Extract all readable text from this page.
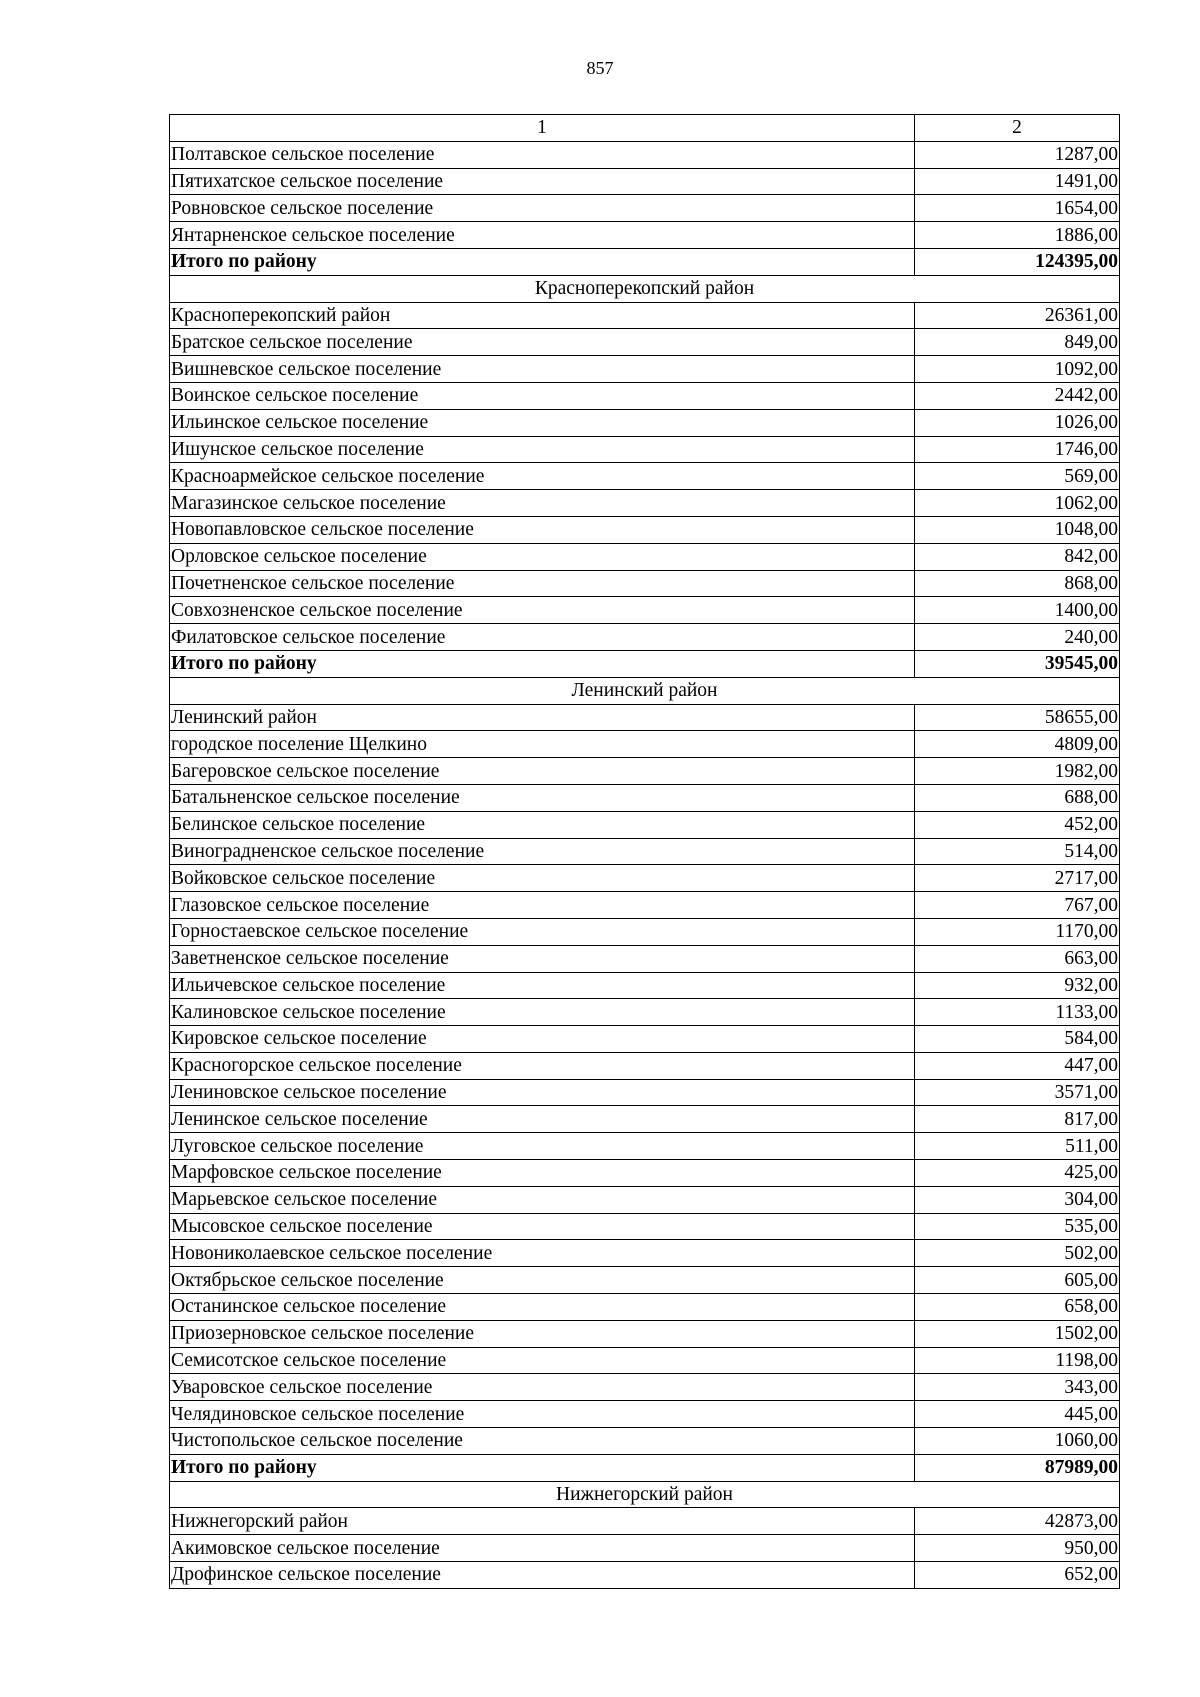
857
1	2
Полтавское сельское поселение	1287,00
Пятихатское сельское поселение	1491,00
Ровновское сельское поселение	1654,00
Янтарненское сельское поселение	1886,00
Итого по району	124395,00
Красноперекопский район	
Красноперекопский район	26361,00
Братское сельское поселение	849,00
Вишневское сельское поселение	1092,00
Воинское сельское поселение	2442,00
Ильинское сельское поселение	1026,00
Ишунское сельское поселение	1746,00
Красноармейское сельское поселение	569,00
Магазинское сельское поселение	1062,00
Новопавловское сельское поселение	1048,00
Орловское сельское поселение	842,00
Почетненское сельское поселение	868,00
Совхозненское сельское поселение	1400,00
Филатовское сельское поселение	240,00
Итого по району	39545,00
Ленинский район	
Ленинский район	58655,00
городское поселение Щелкино	4809,00
Багеровское сельское поселение	1982,00
Батальненское сельское поселение	688,00
Белинское сельское поселение	452,00
Виноградненское сельское поселение	514,00
Войковское сельское поселение	2717,00
Глазовское сельское поселение	767,00
Горностаевское сельское поселение	1170,00
Заветненское сельское поселение	663,00
Ильичевское сельское поселение	932,00
Калиновское сельское поселение	1133,00
Кировское сельское поселение	584,00
Красногорское сельское поселение	447,00
Лениновское сельское поселение	3571,00
Ленинское сельское поселение	817,00
Луговское сельское поселение	511,00
Марфовское сельское поселение	425,00
Марьевское сельское поселение	304,00
Мысовское сельское поселение	535,00
Новониколаевское сельское поселение	502,00
Октябрьское сельское поселение	605,00
Останинское сельское поселение	658,00
Приозерновское сельское поселение	1502,00
Семисотское сельское поселение	1198,00
Уваровское сельское поселение	343,00
Челядиновское сельское поселение	445,00
Чистопольское сельское поселение	1060,00
Итого по району	87989,00
Нижнегорский район	
Нижнегорский район	42873,00
Акимовское сельское поселение	950,00
Дрофинское сельское поселение	652,00
